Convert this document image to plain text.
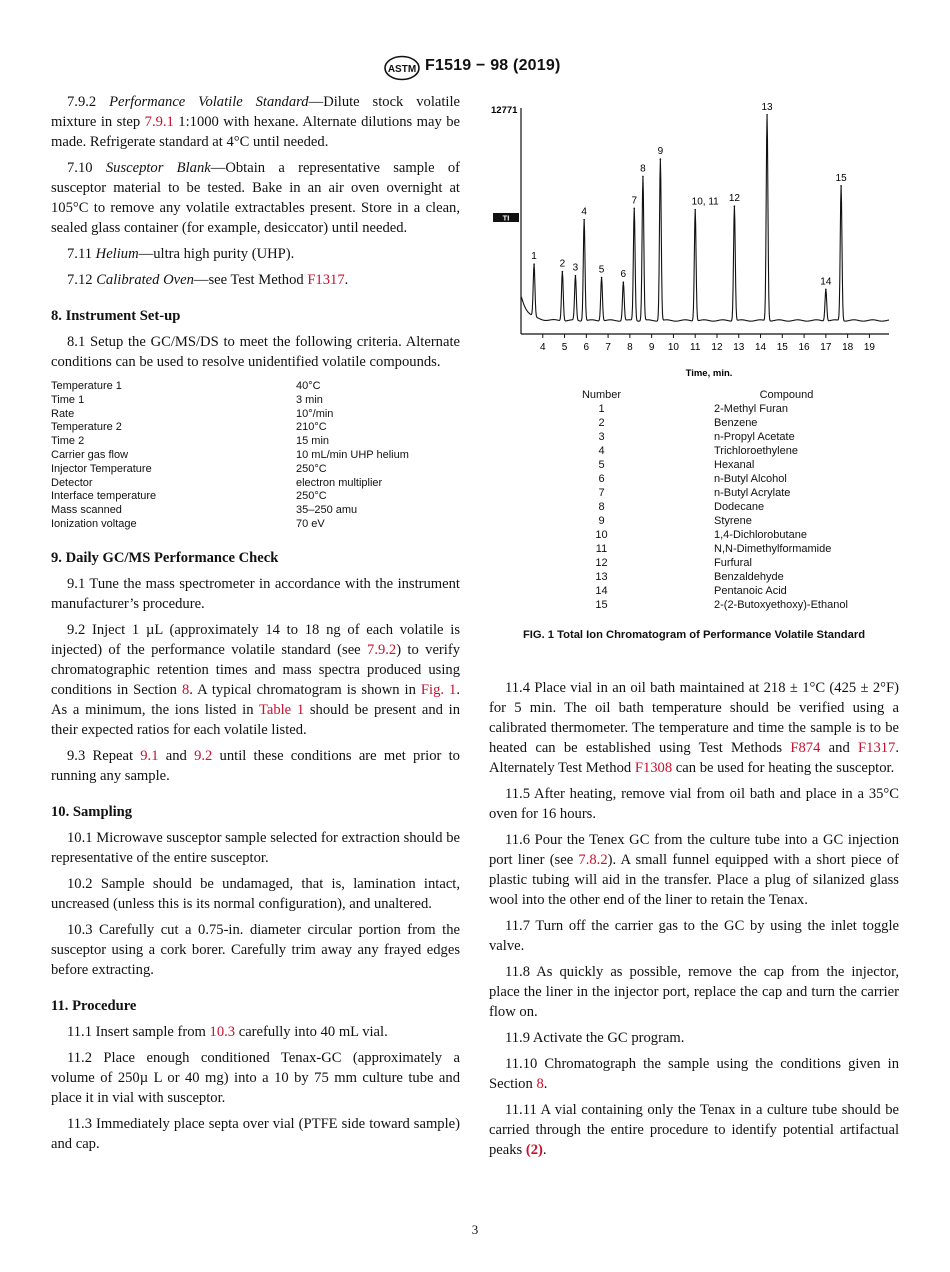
ASTM F1519 − 98 (2019)

7.9.2 Performance Volatile Standard—Dilute stock volatile mixture in step 7.9.1 1:1000 with hexane. Alternate dilutions may be made. Refrigerate standard at 4°C until needed.

7.10 Susceptor Blank—Obtain a representative sample of susceptor material to be tested. Bake in an air oven overnight at 105°C to remove any volatile extractables present. Store in a clean, sealed glass container (for example, desiccator) until needed.

7.11 Helium—ultra high purity (UHP).

7.12 Calibrated Oven—see Test Method F1317.

8. Instrument Set-up

8.1 Setup the GC/MS/DS to meet the following criteria. Alternate conditions can be used to resolve unidentified volatile compounds.

Temperature 1	40°C
Time 1	3 min
Rate	10°/min
Temperature 2	210°C
Time 2	15 min
Carrier gas flow	10 mL/min UHP helium
Injector Temperature	250°C
Detector	electron multiplier
Interface temperature	250°C
Mass scanned	35–250 amu
Ionization voltage	70 eV
9. Daily GC/MS Performance Check

9.1 Tune the mass spectrometer in accordance with the instrument manufacturer’s procedure.

9.2 Inject 1 µL (approximately 14 to 18 ng of each volatile is injected) of the performance volatile standard (see 7.9.2) to verify chromatographic retention times and mass spectra produced using conditions in Section 8. A typical chromatogram is shown in Fig. 1. As a minimum, the ions listed in Table 1 should be present and in their expected ratios for each volatile listed.

9.3 Repeat 9.1 and 9.2 until these conditions are met prior to running any sample.

10. Sampling

10.1 Microwave susceptor sample selected for extraction should be representative of the entire susceptor.

10.2 Sample should be undamaged, that is, lamination intact, uncreased (unless this is its normal configuration), and unaltered.

10.3 Carefully cut a 0.75-in. diameter circular portion from the susceptor using a cork borer. Carefully trim away any frayed edges before extracting.

11. Procedure

11.1 Insert sample from 10.3 carefully into 40 mL vial.

11.2 Place enough conditioned Tenax-GC (approximately a volume of 250µ L or 40 mg) into a 10 by 75 mm culture tube and place it in vial with susceptor.

11.3 Immediately place septa over vial (PTFE side toward sample) and cap.

12771
TI
Time, min.
4 5 6 7 8 9 10 11 12 13 14 15 16 17 18 19
1
2 3
4
5 6
7
8
9
10, 11 12
13
14
15
Number	Compound
1	2-Methyl Furan
2	Benzene
3	n-Propyl Acetate
4	Trichloroethylene
5	Hexanal
6	n-Butyl Alcohol
7	n-Butyl Acrylate
8	Dodecane
9	Styrene
10	1,4-Dichlorobutane
11	N,N-Dimethylformamide
12	Furfural
13	Benzaldehyde
14	Pentanoic Acid
15	2-(2-Butoxyethoxy)-Ethanol
FIG. 1 Total Ion Chromatogram of Performance Volatile Standard

11.4 Place vial in an oil bath maintained at 218 ± 1°C (425 ± 2°F) for 5 min. The oil bath temperature should be verified using a calibrated thermometer. The temperature and time the sample is to be heated can be established using Test Methods F874 and F1317. Alternately Test Method F1308 can be used for heating the susceptor.

11.5 After heating, remove vial from oil bath and place in a 35°C oven for 16 hours.

11.6 Pour the Tenex GC from the culture tube into a GC injection port liner (see 7.8.2). A small funnel equipped with a short piece of plastic tubing will aid in the transfer. Place a plug of silanized glass wool into the other end of the liner to retain the Tenax.

11.7 Turn off the carrier gas to the GC by using the inlet toggle valve.

11.8 As quickly as possible, remove the cap from the injector, place the liner in the injector port, replace the cap and turn the carrier flow on.

11.9 Activate the GC program.

11.10 Chromatograph the sample using the conditions given in Section 8.

11.11 A vial containing only the Tenax in a culture tube should be carried through the entire procedure to identify potential artifactual peaks (2).

3
